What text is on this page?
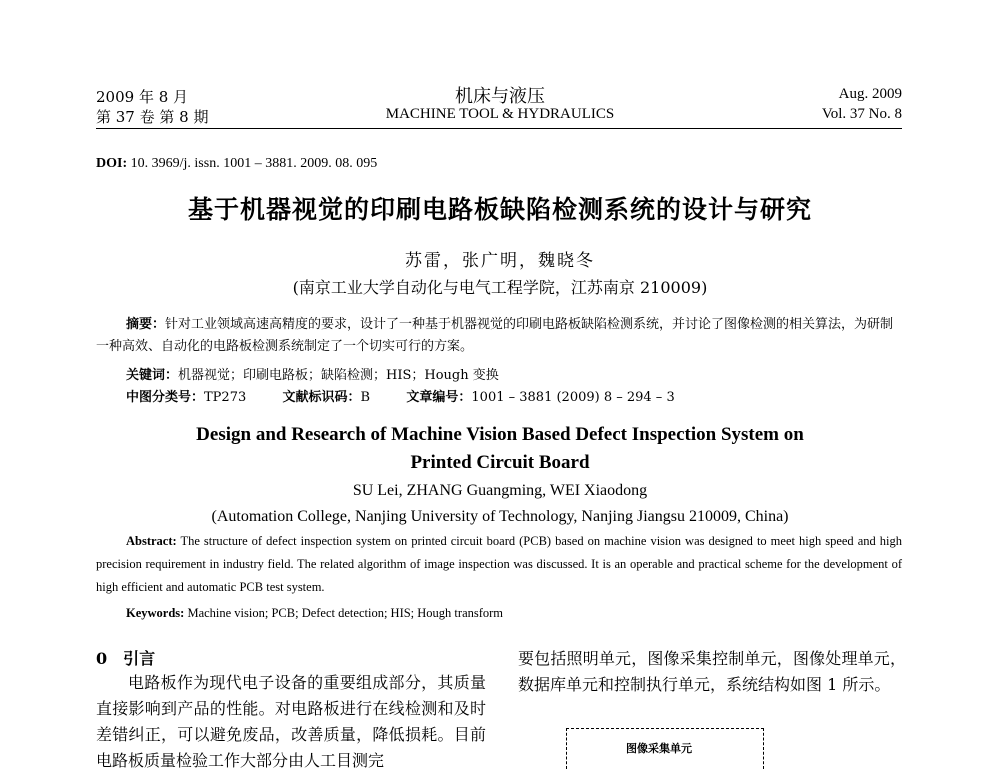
2009 年 8 月
第 37 卷 第 8 期
机床与液压
MACHINE TOOL & HYDRAULICS
Aug. 2009
Vol. 37 No. 8
DOI: 10. 3969/j. issn. 1001 – 3881. 2009. 08. 095
基于机器视觉的印刷电路板缺陷检测系统的设计与研究
苏雷，张广明，魏晓冬
(南京工业大学自动化与电气工程学院，江苏南京 210009)
摘要：针对工业领域高速高精度的要求，设计了一种基于机器视觉的印刷电路板缺陷检测系统，并讨论了图像检测的相关算法，为研制一种高效、自动化的电路板检测系统制定了一个切实可行的方案。
关键词：机器视觉；印刷电路板；缺陷检测；HIS；Hough 变换
中图分类号：TP273	文献标识码：B	文章编号：1001 – 3881 (2009) 8 – 294 – 3
Design and Research of Machine Vision Based Defect Inspection System on
Printed Circuit Board
SU Lei, ZHANG Guangming, WEI Xiaodong
(Automation College, Nanjing University of Technology, Nanjing Jiangsu 210009, China)
Abstract: The structure of defect inspection system on printed circuit board (PCB) based on machine vision was designed to meet high speed and high precision requirement in industry field. The related algorithm of image inspection was discussed. It is an operable and practical scheme for the development of high efficient and automatic PCB test system.
Keywords: Machine vision; PCB; Defect detection; HIS; Hough transform
0　引言
电路板作为现代电子设备的重要组成部分，其质量直接影响到产品的性能。对电路板进行在线检测和及时差错纠正，可以避免废品，改善质量，降低损耗。目前电路板质量检验工作大部分由人工目测完
要包括照明单元，图像采集控制单元，图像处理单元，数据库单元和控制执行单元，系统结构如图 1 所示。
图像采集单元
